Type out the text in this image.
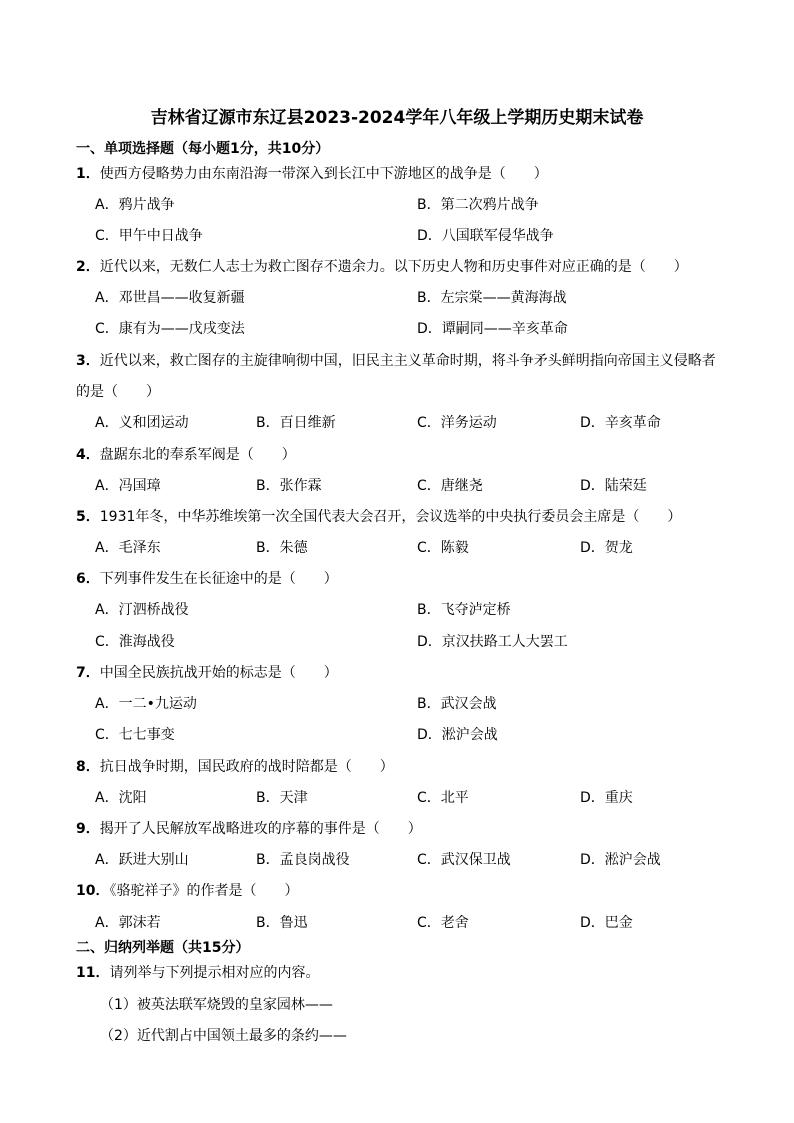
吉林省辽源市东辽县2023-2024学年八年级上学期历史期末试卷
一、单项选择题（每小题1分，共10分）
1．使西方侵略势力由东南沿海一带深入到长江中下游地区的战争是（　　）
A．鸦片战争	B．第二次鸦片战争
C．甲午中日战争	D．八国联军侵华战争
2．近代以来，无数仁人志士为救亡图存不遗余力。以下历史人物和历史事件对应正确的是（　　）
A．邓世昌——收复新疆	B．左宗棠——黄海海战
C．康有为——戊戌变法	D．谭嗣同——辛亥革命
3．近代以来，救亡图存的主旋律响彻中国，旧民主主义革命时期，将斗争矛头鲜明指向帝国主义侵略者的是（　　）
A．义和团运动	B．百日维新	C．洋务运动	D．辛亥革命
4．盘踞东北的奉系军阀是（　　）
A．冯国璋	B．张作霖	C．唐继尧	D．陆荣廷
5．1931年冬，中华苏维埃第一次全国代表大会召开，会议选举的中央执行委员会主席是（　　）
A．毛泽东	B．朱德	C．陈毅	D．贺龙
6．下列事件发生在长征途中的是（　　）
A．汀泗桥战役	B．飞夺泸定桥
C．淮海战役	D．京汉扶路工人大罢工
7．中国全民族抗战开始的标志是（　　）
A．一二•九运动	B．武汉会战
C．七七事变	D．淞沪会战
8．抗日战争时期，国民政府的战时陪都是（　　）
A．沈阳	B．天津	C．北平	D．重庆
9．揭开了人民解放军战略进攻的序幕的事件是（　　）
A．跃进大别山	B．孟良岗战役	C．武汉保卫战	D．淞沪会战
10．《骆驼祥子》的作者是（　　）
A．郭沫若	B．鲁迅	C．老舍	D．巴金
二、归纳列举题（共15分）
11．请列举与下列提示相对应的内容。
（1）被英法联军烧毁的皇家园林——
（2）近代割占中国领土最多的条约——
